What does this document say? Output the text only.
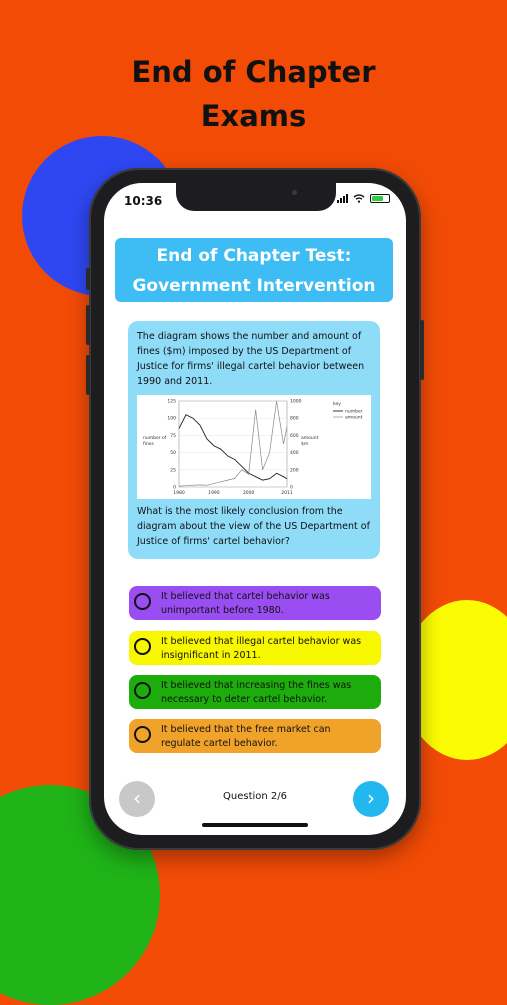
End of Chapter
Exams
10:36
End of Chapter Test:
Government Intervention

The diagram shows the number and amount of fines ($m) imposed by the US Department of Justice for firms' illegal cartel behavior between 1990 and 2011.

125
100
75
50
25
0
1000
800
600
400
200
0
1980	1990	2000	2011
number of
fines
amount
$m
key
number
amount

What is the most likely conclusion from the diagram about the view of the US Department of Justice of firms' cartel behavior?

It believed that cartel behavior was unimportant before 1980.
It believed that illegal cartel behavior was insignificant in 2011.
It believed that increasing the fines was necessary to deter cartel behavior.
It believed that the free market can regulate cartel behavior.
‹	Question 2/6	›
